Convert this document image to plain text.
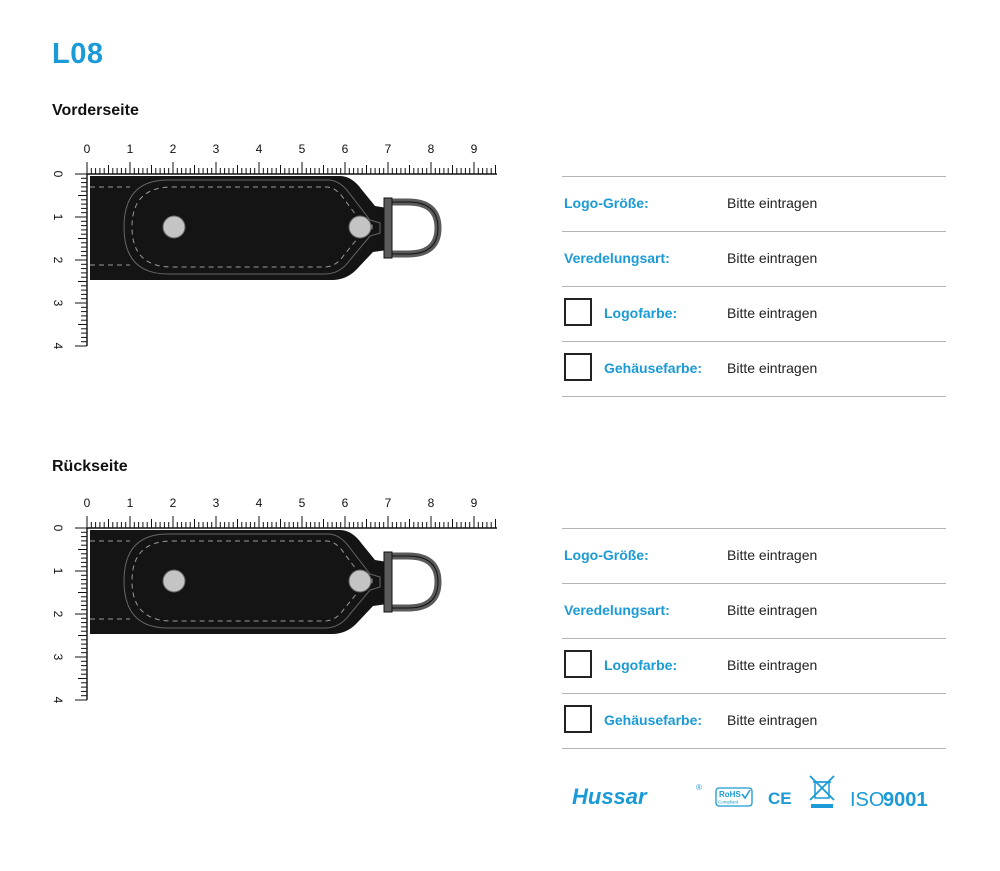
L08
Vorderseite
0	1	2	3	4	5	6	7	8	9
0
1
2
3
4
Logo-Größe:	Bitte eintragen
Veredelungsart:	Bitte eintragen
Logofarbe:	Bitte eintragen
Gehäusefarbe: Bitte eintragen
Rückseite
0	1	2	3	4	5	6	7	8	9
0
1
2
3
4
Logo-Größe:	Bitte eintragen
Veredelungsart:	Bitte eintragen
Logofarbe:	Bitte eintragen
Gehäusefarbe: Bitte eintragen
Hussar	®
RoHS
Compliant CE	ISO
9001
